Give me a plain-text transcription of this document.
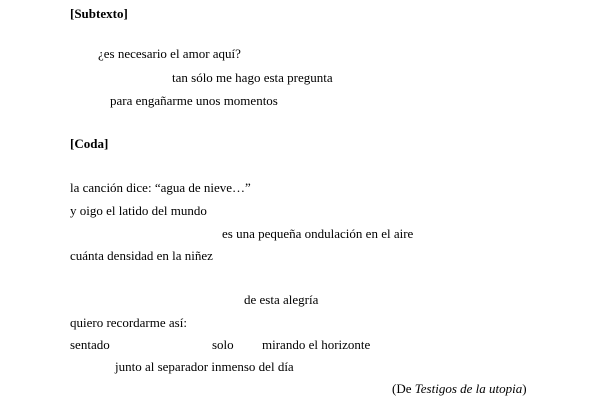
[Subtexto]
¿es necesario el amor aquí?
tan sólo me hago esta pregunta
para engañarme unos momentos
[Coda]
la canción dice: “agua de nieve…”
y oigo el latido del mundo
es una pequeña ondulación en el aire
cuánta densidad en la niñez
de esta alegría
quiero recordarme así:
sentado	solo mirando el horizonte
junto al separador inmenso del día
(De Testigos de la utopia)
